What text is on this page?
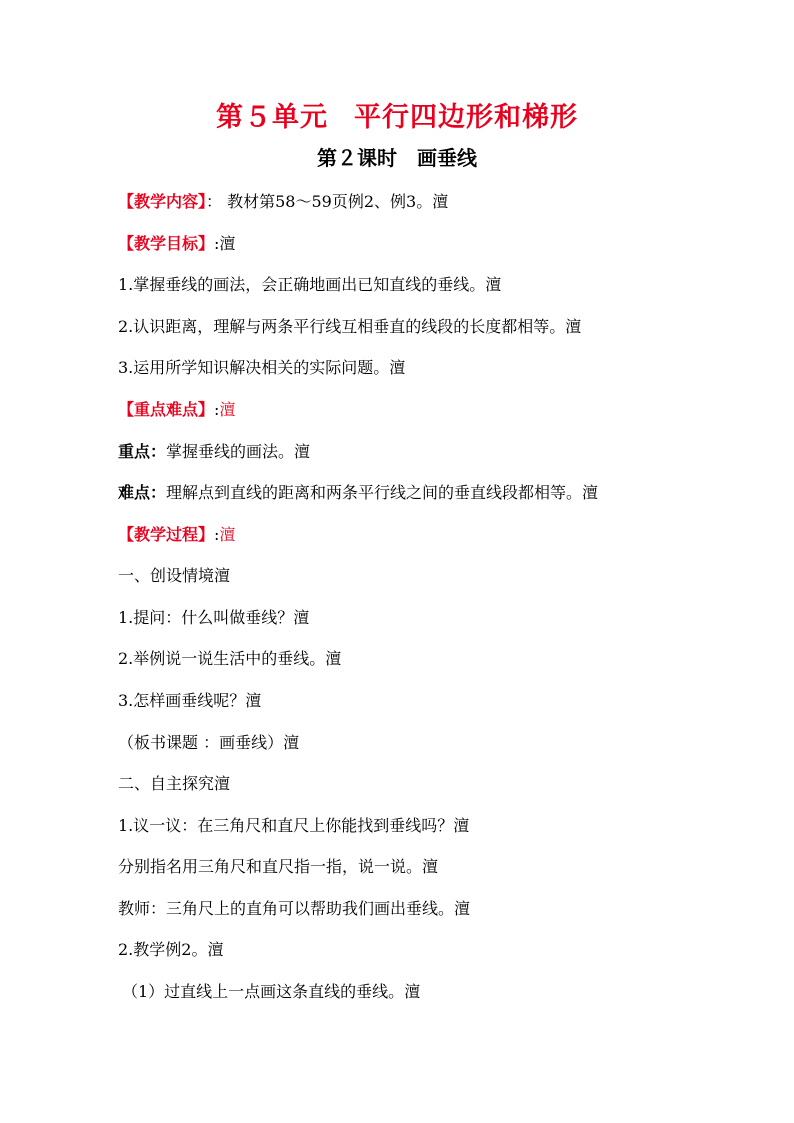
第５单元 平行四边形和梯形
第２课时 画垂线
【教学内容】： 教材第58～59页例2、例3。澶
【教学目标】:澶
1.掌握垂线的画法，会正确地画出已知直线的垂线。澶
2.认识距离，理解与两条平行线互相垂直的线段的长度都相等。澶
3.运用所学知识解决相关的实际问题。澶
【重点难点】:澶
重点：掌握垂线的画法。澶
难点：理解点到直线的距离和两条平行线之间的垂直线段都相等。澶
【教学过程】:澶
一、创设情境澶
1.提问：什么叫做垂线？澶
2.举例说一说生活中的垂线。澶
3.怎样画垂线呢？澶
（板书课题 ：画垂线）澶
二、自主探究澶
1.议一议：在三角尺和直尺上你能找到垂线吗？澶
分别指名用三角尺和直尺指一指，说一说。澶
教师：三角尺上的直角可以帮助我们画出垂线。澶
2.教学例2。澶
（1）过直线上一点画这条直线的垂线。澶
